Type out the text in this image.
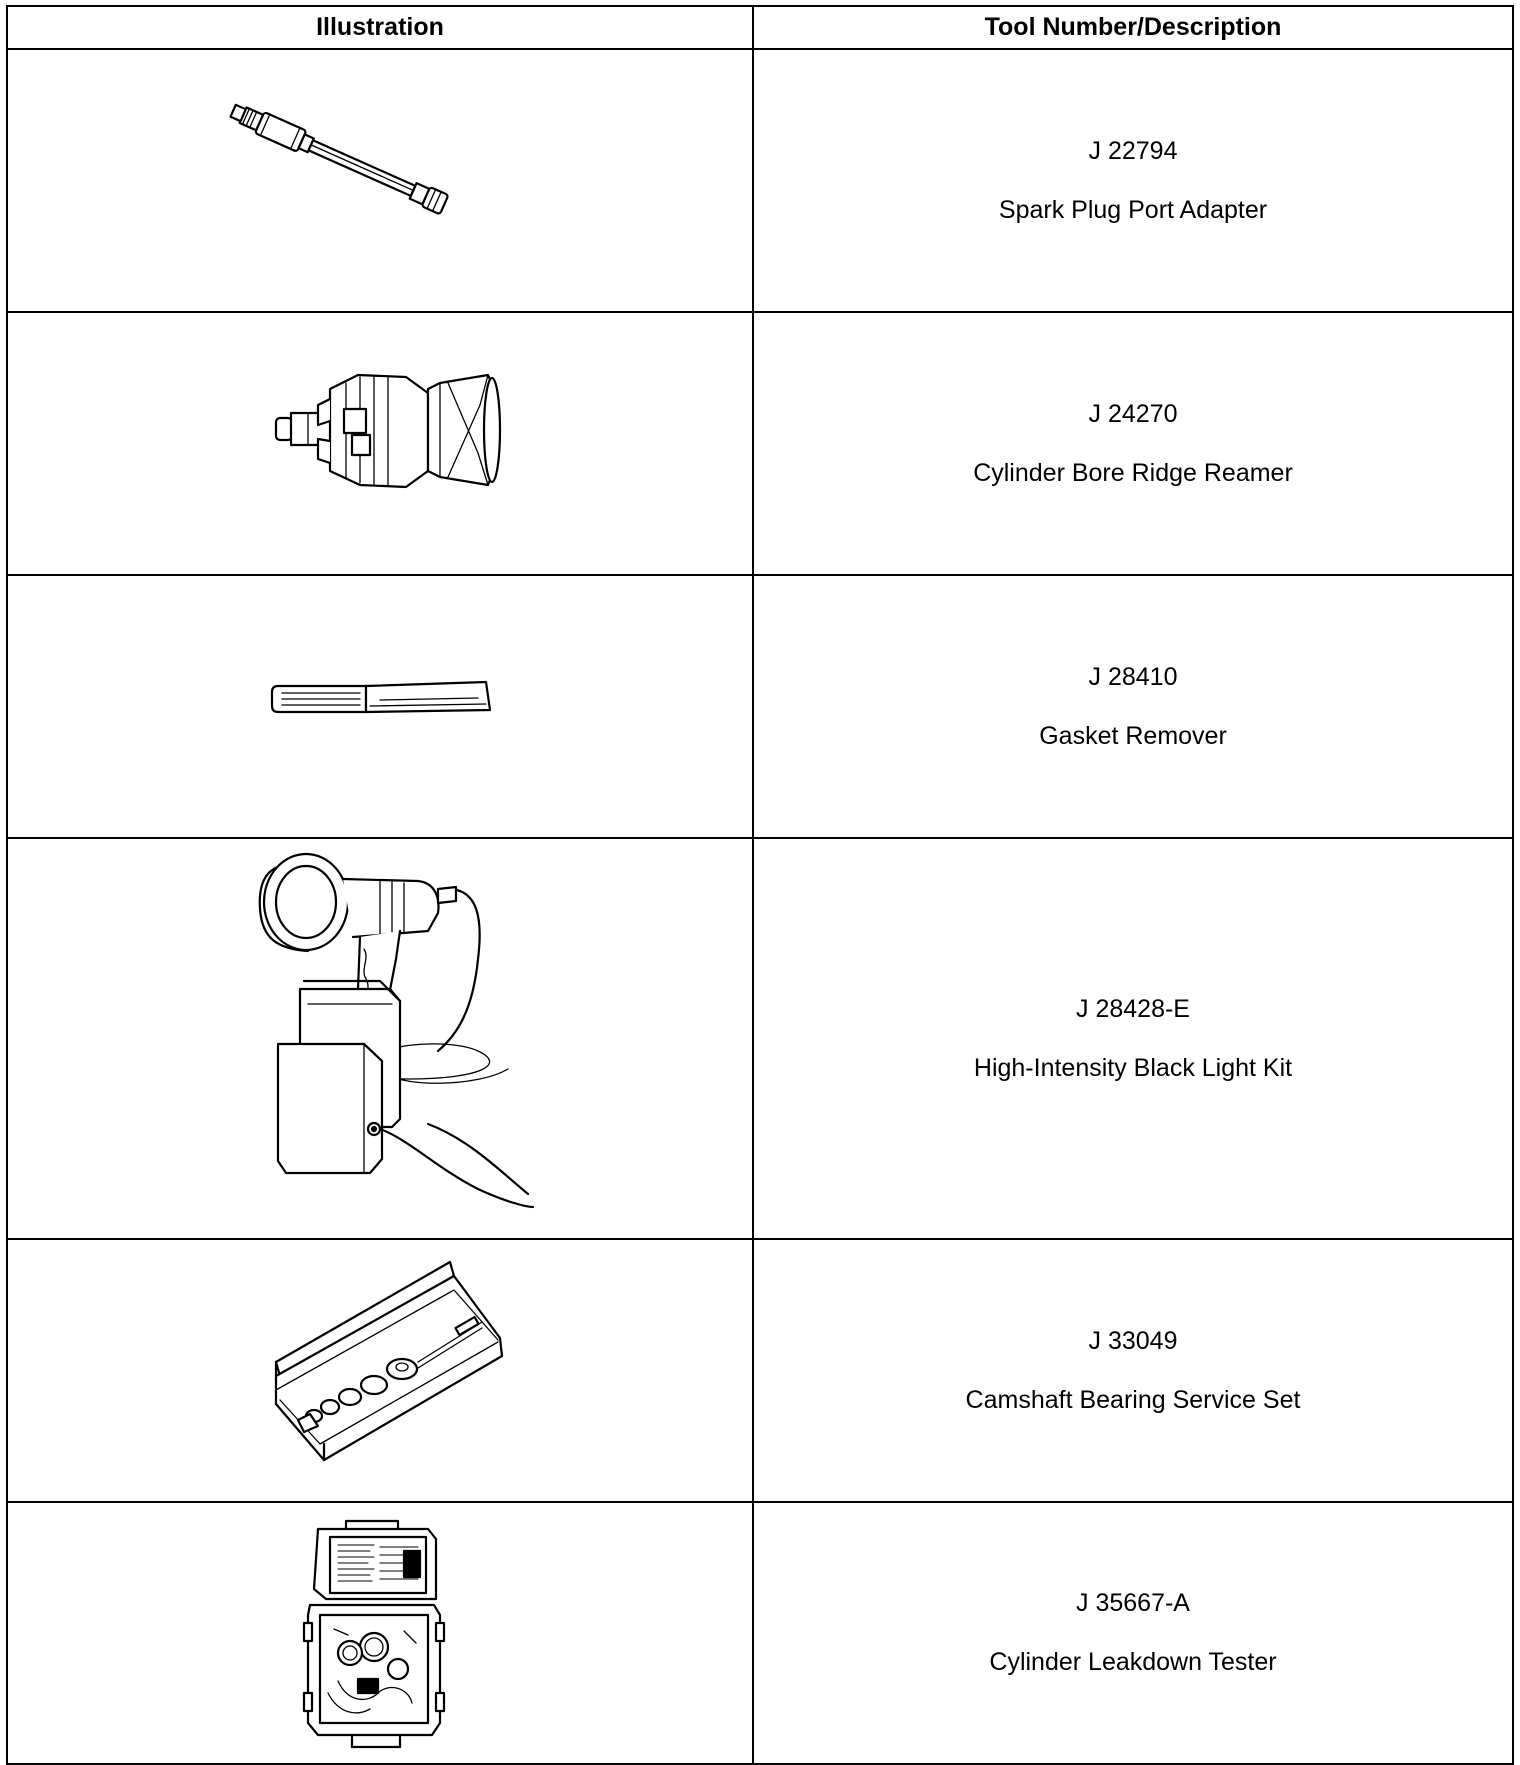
Illustration	Tool Number/Description

J 22794
Spark Plug Port Adapter

J 24270
Cylinder Bore Ridge Reamer

J 28410
Gasket Remover

J 28428-E
High-Intensity Black Light Kit

J 33049
Camshaft Bearing Service Set

J 35667-A
Cylinder Leakdown Tester
